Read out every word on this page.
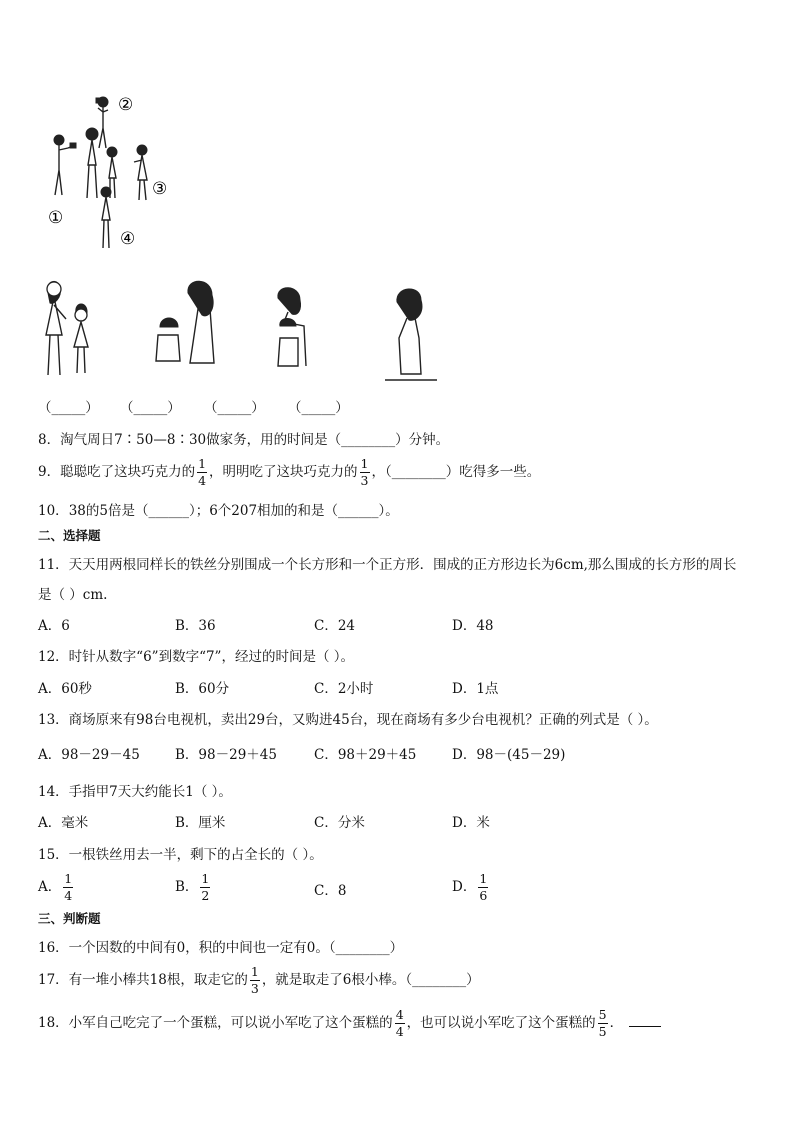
①
②
③
④
（_____） （_____） （_____） （_____）
8．淘气周日7∶50—8∶30做家务，用的时间是（________）分钟。
9．聪聪吃了这块巧克力的 $\frac{1}{4}$ ，明明吃了这块巧克力的 $\frac{1}{3}$ ，（________）吃得多一些。
10．38的5倍是（______）；6个207相加的和是（______）。
二、选择题
11．天天用两根同样长的铁丝分别围成一个长方形和一个正方形．围成的正方形边长为6cm,那么围成的长方形的周长
是（ ）cm.
A．6	B．36	C．24	D．48
12．时针从数字“6”到数字“7”，经过的时间是（ ）。
A．60秒	B．60分	C．2小时	D．1点
13．商场原来有98台电视机，卖出29台，又购进45台，现在商场有多少台电视机？正确的列式是（ ）。
A．98－29－45	B．98－29＋45	C．98＋29＋45	D．98－(45－29)
14．手指甲7天大约能长1（ ）。
A．毫米	B．厘米	C．分米	D．米
15．一根铁丝用去一半，剩下的占全长的（ ）。
A． $\frac{1}{4}$	B． $\frac{1}{2}$	C．8	D． $\frac{1}{6}$
三、判断题
16．一个因数的中间有0，积的中间也一定有0。（________）
17．有一堆小棒共18根，取走它的 $\frac{1}{3}$ ，就是取走了6根小棒。（________）
18．小军自己吃完了一个蛋糕，可以说小军吃了这个蛋糕的 $\frac{4}{4}$ ，也可以说小军吃了这个蛋糕的 $\frac{5}{5}$ ．
